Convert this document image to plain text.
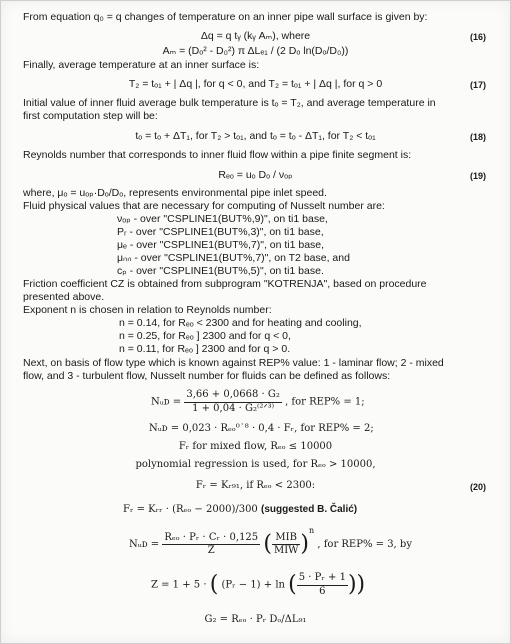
From equation q₀ = q changes of temperature on an inner pipe wall surface is given by:
Δq = q tᵧ (kᵧ Aₘ), where	(16)
Aₘ = (Dₒ² - D₀²) π ΔLₑ₁ / (2 Dₒ ln(Dₒ/D₀))
Finally, average temperature at an inner surface is:
T₂ = tₒ₁ + | Δq |, for q < 0, and T₂ = tₒ₁ + | Δq |, for q > 0	(17)
Initial value of inner fluid average bulk temperature is tₒ = T₂, and average temperature in
first computation step will be:
tₒ = tₒ + ΔT₁, for T₂ > tₒ₁, and tₒ = tₒ - ΔT₁, for T₂ < tₒ₁	(18)
Reynolds number that corresponds to inner fluid flow within a pipe finite segment is:
Rₑₒ = uₒ Dₒ / νₒₚ	(19)
where, μₒ = uₒₚ·Dₒ/Dₒ, represents environmental pipe inlet speed.
Fluid physical values that are necessary for computing of Nusselt number are:
νₒₚ - over "CSPLINE1(BUT%,9)", on ti1 base,
Pᵣ - over "CSPLINE1(BUT%,3)", on ti1 base,
μₑ - over "CSPLINE1(BUT%,7)", on ti1 base,
μₙₙ - over "CSPLINE1(BUT%,7)", on T2 base, and
cₚ - over "CSPLINE1(BUT%,5)", on ti1 base.
Friction coefficient CZ is obtained from subprogram "KOTRENJA", based on procedure
presented above.
Exponent n is chosen in relation to Reynolds number:
n = 0.14, for Rₑₒ < 2300 and for heating and cooling,
n = 0.25, for Rₑₒ ] 2300 and for q < 0,
n = 0.11, for Rₑₒ ] 2300 and for q > 0.
Next, on basis of flow type which is known against REP% value: 1 - laminar flow; 2 - mixed
flow, and 3 - turbulent flow, Nusselt number for fluids can be defined as follows:
Nᵤᴅ = $\frac{\text{3,66 + 0,0668 · G₂}}{\text{1 + 0,04 · G₂⁽²ᐟ³⁾}}$ , for REP% = 1;
Nᵤᴅ = 0,023 · Rₑₒ⁰˙⁸ · 0,4 · Fᵣ, for REP% = 2;
Fᵣ for mixed flow, Rₑₒ ≤ 10000
polynomial regression is used, for Rₑₒ > 10000,
Fᵣ = Kᵣ₉₁, if Rₑₒ < 2300:	(20)
Fᵣ = Kᵣᵣ · (Rₑₒ − 2000)/300 (suggested B. Čalić)
Nᵤᴅ = $\frac{\text{Rₑₒ · Pᵣ · Cᵣ · 0,125}}{Z}$ ( $\frac{\text{MIB}}{\text{MIW}} )^n$ , for REP% = 3, by
Z = 1 + 5 · ( (Pᵣ − 1) + ln ( $\frac{\text{5 · Pᵣ + 1}}{6}$ ))
G₂ = Rₑₒ · Pᵣ Dₒ/ΔL₉₁
